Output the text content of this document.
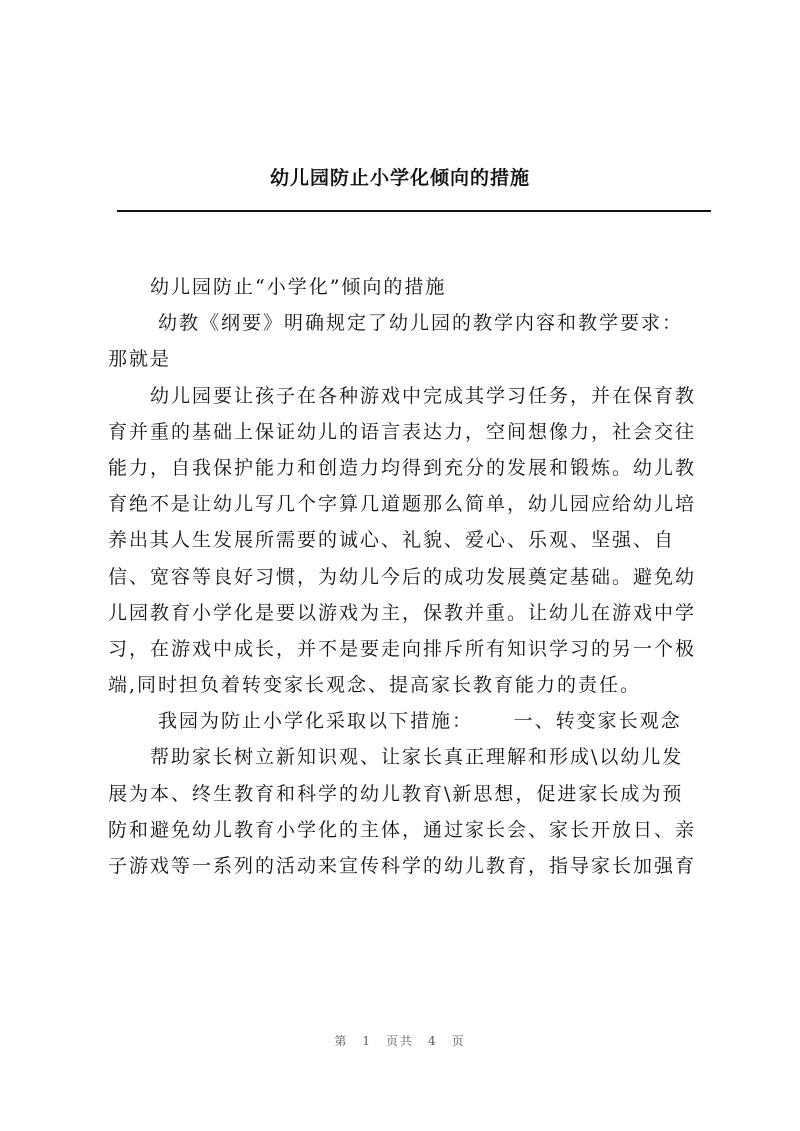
幼儿园防止小学化倾向的措施
　　幼儿园防止“小学化”倾向的措施
　　 幼教《纲要》明确规定了幼儿园的教学内容和教学要求：
那就是
　　幼儿园要让孩子在各种游戏中完成其学习任务，并在保育教
育并重的基础上保证幼儿的语言表达力，空间想像力，社会交往
能力，自我保护能力和创造力均得到充分的发展和锻炼。幼儿教
育绝不是让幼儿写几个字算几道题那么简单，幼儿园应给幼儿培
养出其人生发展所需要的诚心、礼貌、爱心、乐观、坚强、自
信、宽容等良好习惯，为幼儿今后的成功发展奠定基础。避免幼
儿园教育小学化是要以游戏为主，保教并重。让幼儿在游戏中学
习，在游戏中成长，并不是要走向排斥所有知识学习的另一个极
端,同时担负着转变家长观念、提高家长教育能力的责任。
　　 我园为防止小学化采取以下措施：　　 一、转变家长观念
　　帮助家长树立新知识观、让家长真正理解和形成\以幼儿发
展为本、终生教育和科学的幼儿教育\新思想，促进家长成为预
防和避免幼儿教育小学化的主体，通过家长会、家长开放日、亲
子游戏等一系列的活动来宣传科学的幼儿教育，指导家长加强育
第　1　页共　4　页
